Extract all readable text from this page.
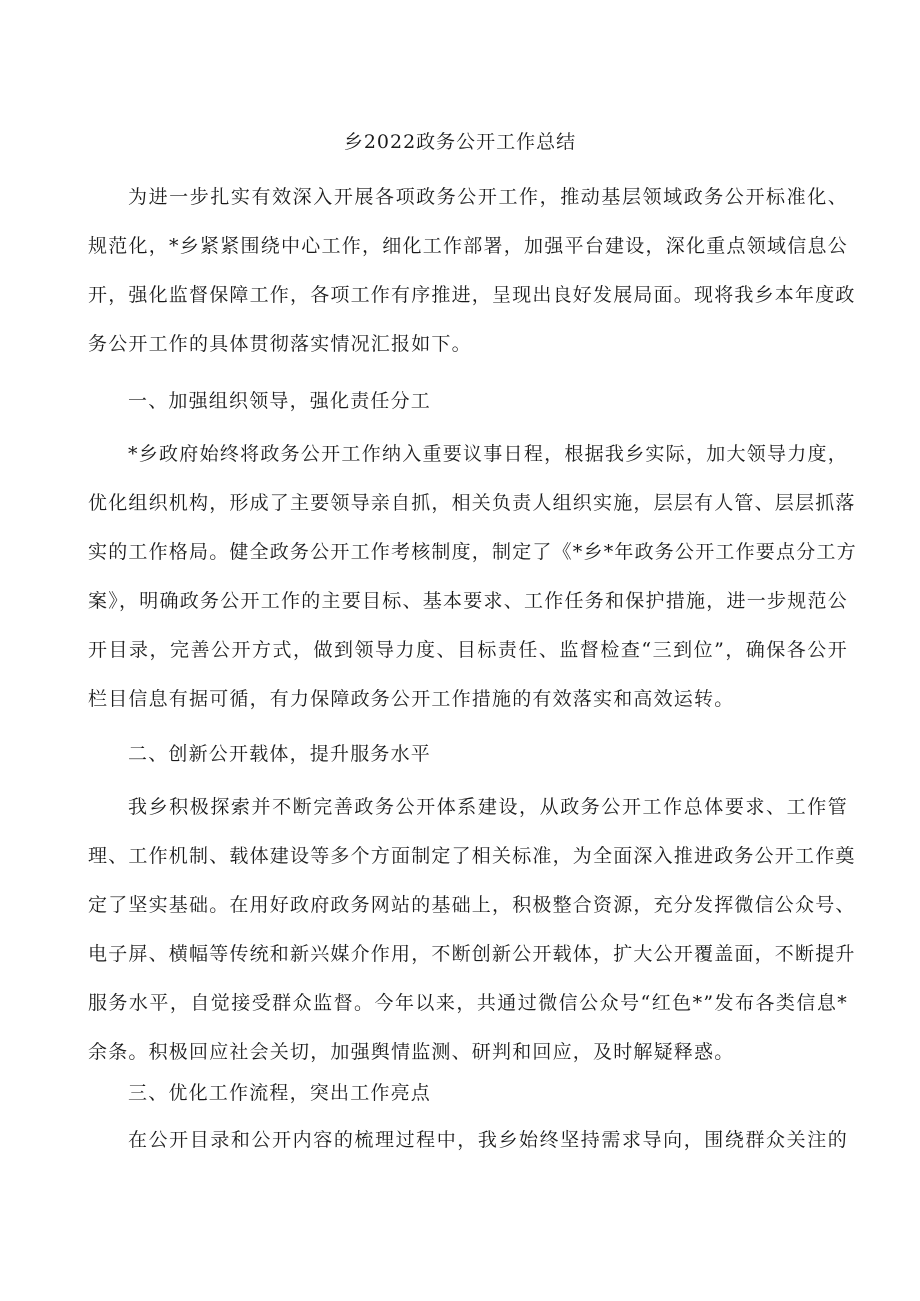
乡2022政务公开工作总结
为进一步扎实有效深入开展各项政务公开工作，推动基层领域政务公开标准化、
规范化，*乡紧紧围绕中心工作，细化工作部署，加强平台建设，深化重点领域信息公
开，强化监督保障工作，各项工作有序推进，呈现出良好发展局面。现将我乡本年度政
务公开工作的具体贯彻落实情况汇报如下。
一、加强组织领导，强化责任分工
*乡政府始终将政务公开工作纳入重要议事日程，根据我乡实际，加大领导力度，
优化组织机构，形成了主要领导亲自抓，相关负责人组织实施，层层有人管、层层抓落
实的工作格局。健全政务公开工作考核制度，制定了《*乡*年政务公开工作要点分工方
案》，明确政务公开工作的主要目标、基本要求、工作任务和保护措施，进一步规范公
开目录，完善公开方式，做到领导力度、目标责任、监督检查“三到位”，确保各公开
栏目信息有据可循，有力保障政务公开工作措施的有效落实和高效运转。
二、创新公开载体，提升服务水平
我乡积极探索并不断完善政务公开体系建设，从政务公开工作总体要求、工作管
理、工作机制、载体建设等多个方面制定了相关标准，为全面深入推进政务公开工作奠
定了坚实基础。在用好政府政务网站的基础上，积极整合资源，充分发挥微信公众号、
电子屏、横幅等传统和新兴媒介作用，不断创新公开载体，扩大公开覆盖面，不断提升
服务水平，自觉接受群众监督。今年以来，共通过微信公众号“红色*”发布各类信息*
余条。积极回应社会关切，加强舆情监测、研判和回应，及时解疑释惑。
三、优化工作流程，突出工作亮点
在公开目录和公开内容的梳理过程中，我乡始终坚持需求导向，围绕群众关注的
